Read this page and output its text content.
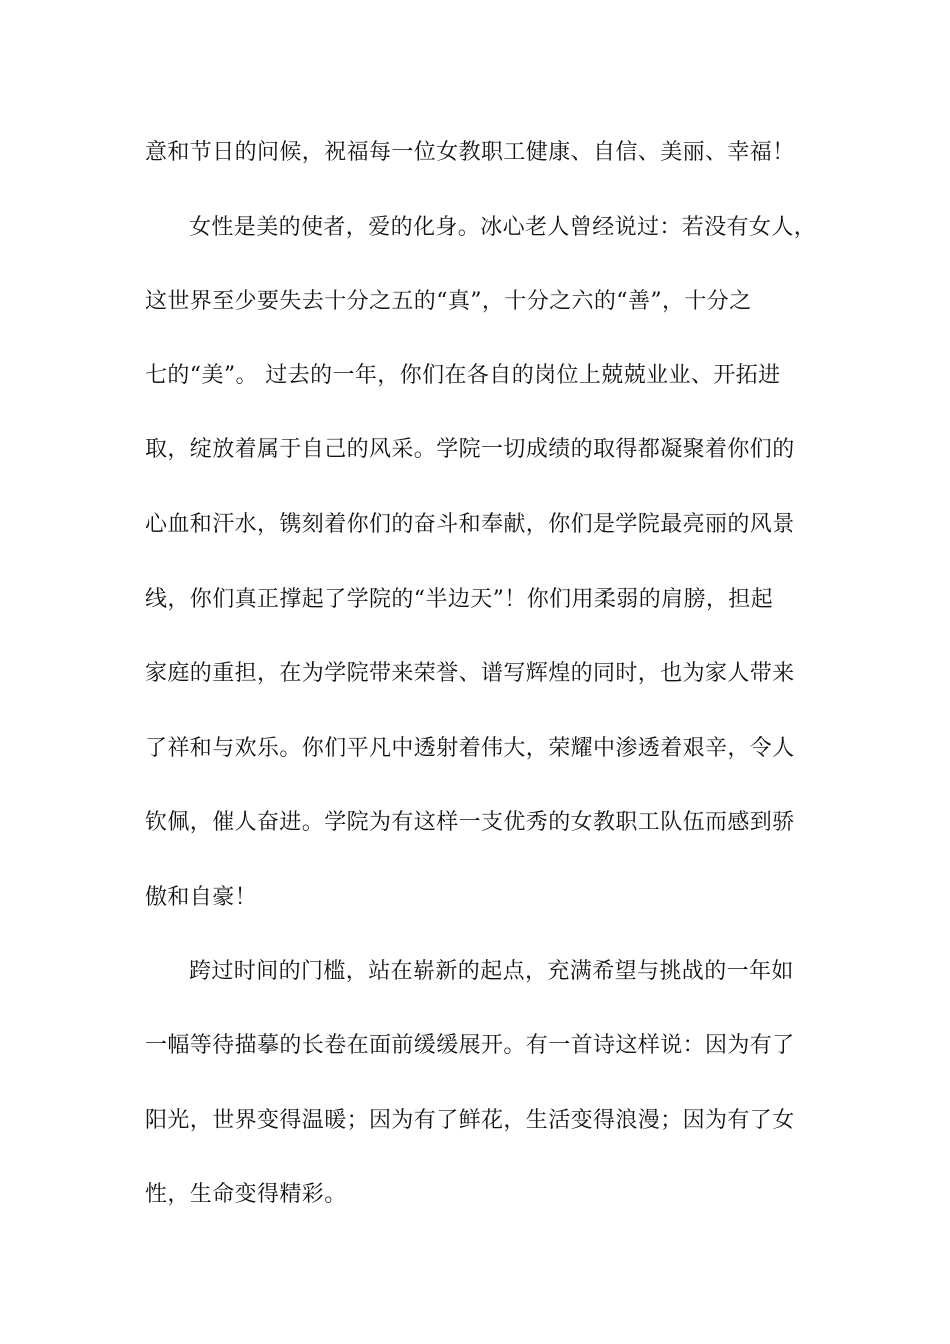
意和节日的问候，祝福每一位女教职工健康、自信、美丽、幸福！
女性是美的使者，爱的化身。冰心老人曾经说过：若没有女人，
这世界至少要失去十分之五的“真”，十分之六的“善”，十分之
七的“美”。 过去的一年，你们在各自的岗位上兢兢业业、开拓进
取，绽放着属于自己的风采。学院一切成绩的取得都凝聚着你们的
心血和汗水，镌刻着你们的奋斗和奉献，你们是学院最亮丽的风景
线，你们真正撑起了学院的“半边天”！你们用柔弱的肩膀，担起
家庭的重担，在为学院带来荣誉、谱写辉煌的同时，也为家人带来
了祥和与欢乐。你们平凡中透射着伟大，荣耀中渗透着艰辛，令人
钦佩，催人奋进。学院为有这样一支优秀的女教职工队伍而感到骄
傲和自豪！
跨过时间的门槛，站在崭新的起点，充满希望与挑战的一年如
一幅等待描摹的长卷在面前缓缓展开。有一首诗这样说：因为有了
阳光，世界变得温暖；因为有了鲜花，生活变得浪漫；因为有了女
性，生命变得精彩。
